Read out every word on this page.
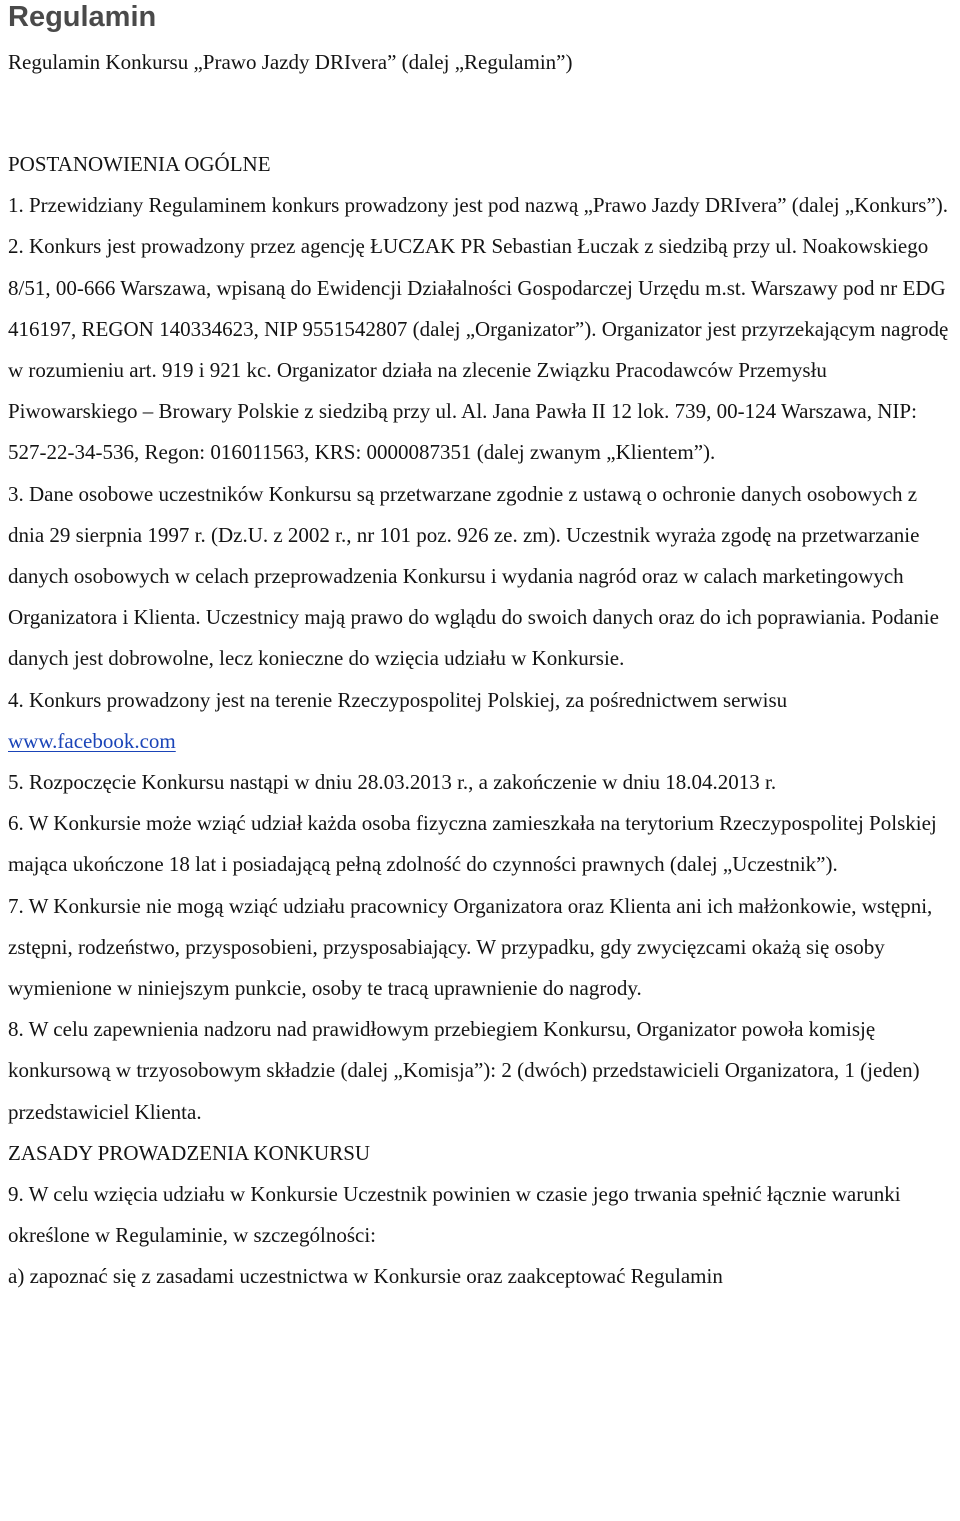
Regulamin
Regulamin Konkursu „Prawo Jazdy DRIvera” (dalej „Regulamin”)

POSTANOWIENIA OGÓLNE

1. Przewidziany Regulaminem konkurs prowadzony jest pod nazwą „Prawo Jazdy DRIvera” (dalej „Konkurs”).

2. Konkurs jest prowadzony przez agencję ŁUCZAK PR Sebastian Łuczak z siedzibą przy ul. Noakowskiego 8/51, 00-666 Warszawa, wpisaną do Ewidencji Działalności Gospodarczej Urzędu m.st. Warszawy pod nr EDG 416197, REGON 140334623, NIP 9551542807 (dalej „Organizator”). Organizator jest przyrzekającym nagrodę w rozumieniu art. 919 i 921 kc. Organizator działa na zlecenie Związku Pracodawców Przemysłu Piwowarskiego – Browary Polskie z siedzibą przy ul. Al. Jana Pawła II 12 lok. 739, 00-124 Warszawa, NIP: 527-22-34-536, Regon: 016011563, KRS: 0000087351 (dalej zwanym „Klientem”).

3. Dane osobowe uczestników Konkursu są przetwarzane zgodnie z ustawą o ochronie danych osobowych z dnia 29 sierpnia 1997 r. (Dz.U. z 2002 r., nr 101 poz. 926 ze. zm). Uczestnik wyraża zgodę na przetwarzanie danych osobowych w celach przeprowadzenia Konkursu i wydania nagród oraz w calach marketingowych Organizatora i Klienta. Uczestnicy mają prawo do wglądu do swoich danych oraz do ich poprawiania. Podanie danych jest dobrowolne, lecz konieczne do wzięcia udziału w Konkursie.

4. Konkurs prowadzony jest na terenie Rzeczypospolitej Polskiej, za pośrednictwem serwisu www.facebook.com

5. Rozpoczęcie Konkursu nastąpi w dniu 28.03.2013 r., a zakończenie w dniu 18.04.2013 r.

6. W Konkursie może wziąć udział każda osoba fizyczna zamieszkała na terytorium Rzeczypospolitej Polskiej mająca ukończone 18 lat i posiadającą pełną zdolność do czynności prawnych (dalej „Uczestnik”).

7. W Konkursie nie mogą wziąć udziału pracownicy Organizatora oraz Klienta ani ich małżonkowie, wstępni, zstępni, rodzeństwo, przysposobieni, przysposabiający. W przypadku, gdy zwycięzcami okażą się osoby wymienione w niniejszym punkcie, osoby te tracą uprawnienie do nagrody.

8. W celu zapewnienia nadzoru nad prawidłowym przebiegiem Konkursu, Organizator powoła komisję konkursową w trzyosobowym składzie (dalej „Komisja”): 2 (dwóch) przedstawicieli Organizatora, 1 (jeden) przedstawiciel Klienta.

ZASADY PROWADZENIA KONKURSU

9. W celu wzięcia udziału w Konkursie Uczestnik powinien w czasie jego trwania spełnić łącznie warunki określone w Regulaminie, w szczególności:

a) zapoznać się z zasadami uczestnictwa w Konkursie oraz zaakceptować Regulamin
